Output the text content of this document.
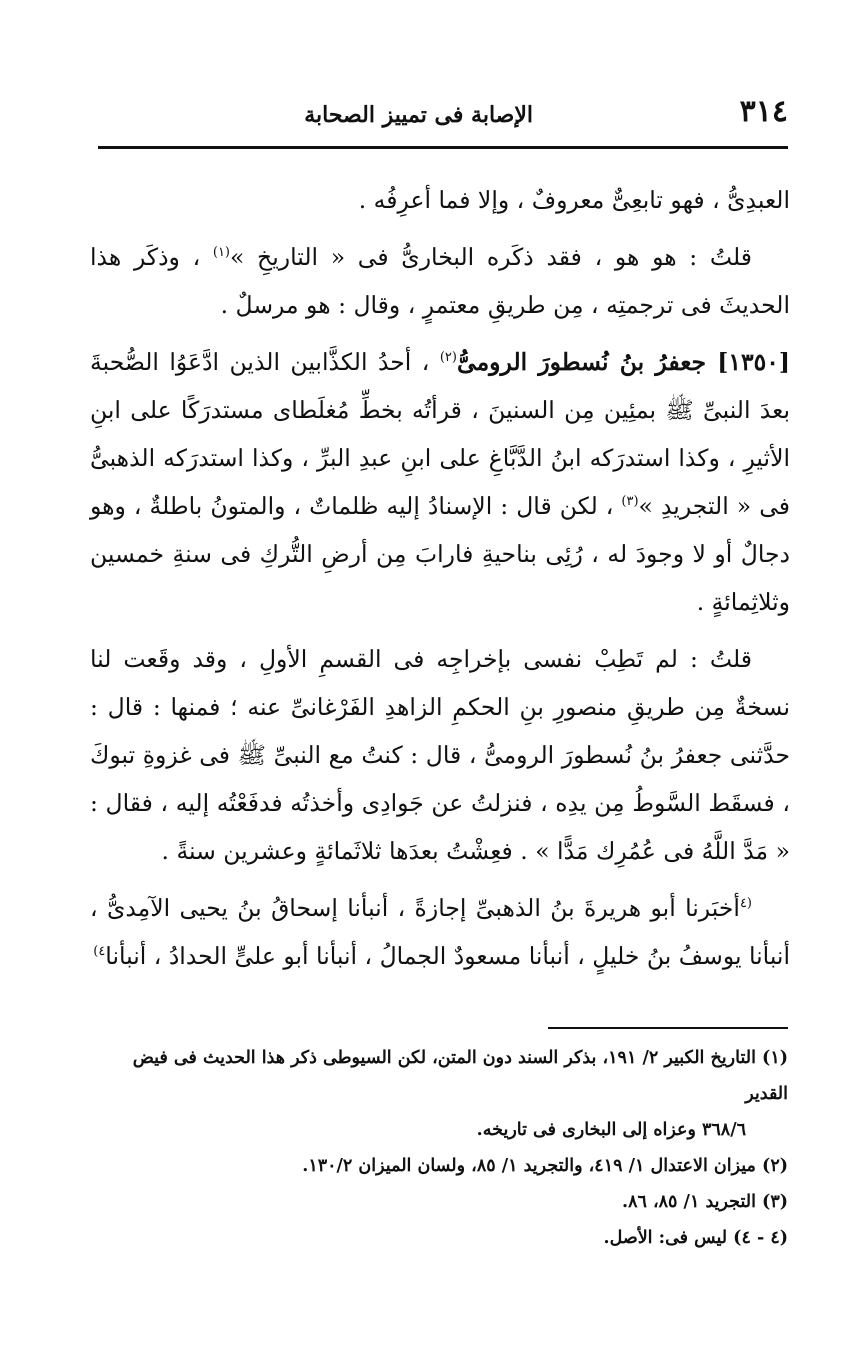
٣١٤
الإصابة فى تمييز الصحابة

العبدِىُّ ، فهو تابعِىٌّ معروفٌ ، وإلا فما أعرِفُه .

قلتُ : هو هو ، فقد ذكَره البخارىُّ فى « التاريخِ »$^{(١)}$ ، وذكَر هذا الحديثَ فى ترجمتِه ، مِن طريقِ معتمرٍ ، وقال : هو مرسلٌ .

[١٣٥٠] جعفرُ بنُ نُسطورَ الرومىُّ$^{(٢)}$ ، أحدُ الكذَّابين الذين ادَّعَوُا الصُّحبةَ بعدَ النبىِّ ﷺ بمئِين مِن السنينَ ، قرأتُه بخطِّ مُغلَطاى مستدرَكًا على ابنِ الأثيرِ ، وكذا استدرَكه ابنُ الدَّبَّاغِ على ابنِ عبدِ البرِّ ، وكذا استدرَكه الذهبىُّ فى « التجريدِ »$^{(٣)}$ ، لكن قال : الإسنادُ إليه ظلماتٌ ، والمتونُ باطلةٌ ، وهو دجالٌ أو لا وجودَ له ، رُئِى بناحيةِ فارابَ مِن أرضِ التُّركِ فى سنةِ خمسين وثلاثِمائةٍ .

قلتُ : لم تَطِبْ نفسى بإخراجِه فى القسمِ الأولِ ، وقد وقَعت لنا نسخةٌ مِن طريقِ منصورِ بنِ الحكمِ الزاهدِ الفَرْغانىِّ عنه ؛ فمنها : قال : حدَّثنى جعفرُ بنُ نُسطورَ الرومىُّ ، قال : كنتُ مع النبىِّ ﷺ فى غزوةِ تبوكَ ، فسقَط السَّوطُ مِن يدِه ، فنزلتُ عن جَوادِى وأخذتُه فدفَعْتُه إليه ، فقال : « مَدَّ اللَّهُ فى عُمُرِك مَدًّا » . فعِشْتُ بعدَها ثلاثَمائةٍ وعشرين سنةً .

$^{(٤}$أخبَرنا أبو هريرةَ بنُ الذهبىِّ إجازةً ، أنبأنا إسحاقُ بنُ يحيى الآمِدىُّ ، أنبأنا يوسفُ بنُ خليلٍ ، أنبأنا مسعودٌ الجمالُ ، أنبأنا أبو علىٍّ الحدادُ ، أنبأنا$^{٤)}$

(١) التاريخ الكبير ٢/ ١٩١، بذكر السند دون المتن، لكن السيوطى ذكر هذا الحديث فى فيض القدير

٣٦٨/٦ وعزاه إلى البخارى فى تاريخه.

(٢) ميزان الاعتدال ١/ ٤١٩، والتجريد ١/ ٨٥، ولسان الميزان ١٣٠/٢.

(٣) التجريد ١/ ٨٥، ٨٦.

(٤ - ٤) ليس فى: الأصل.
